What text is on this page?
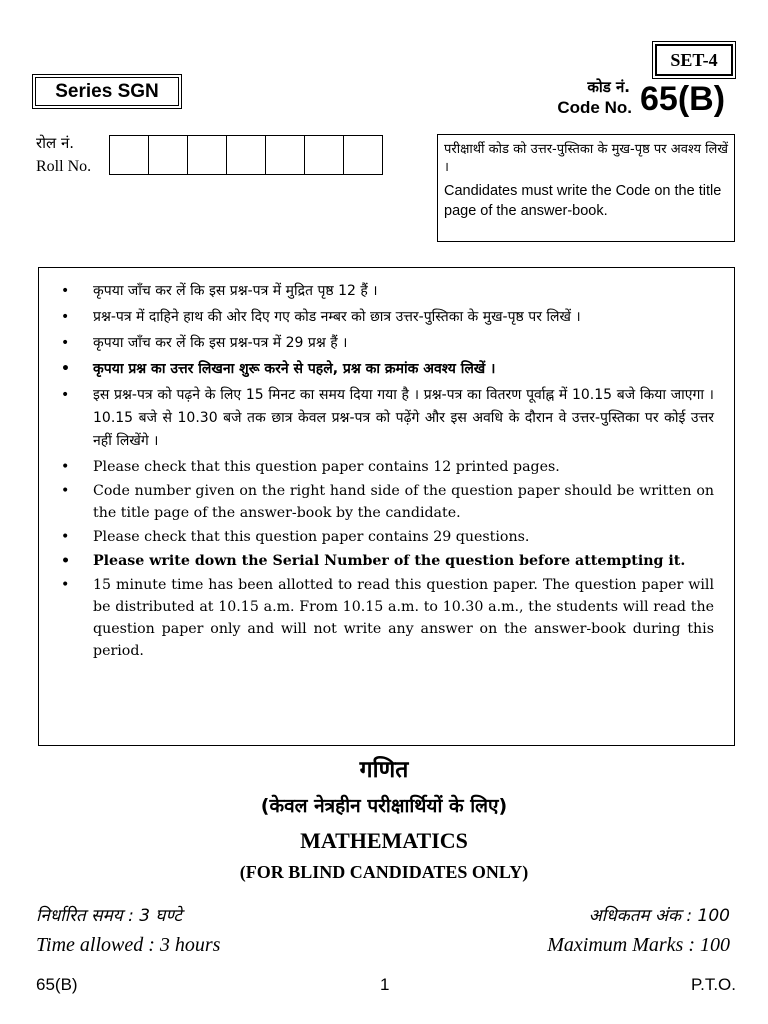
SET-4
Series SGN	कोड नं.
Code No. 65(B)
रोल नं.
Roll No.
परीक्षार्थी कोड को उत्तर-पुस्तिका के मुख-पृष्ठ पर अवश्य लिखें ।
Candidates must write the Code on the title page of the answer-book.
• कृपया जाँच कर लें कि इस प्रश्न-पत्र में मुद्रित पृष्ठ 12 हैं ।
• प्रश्न-पत्र में दाहिने हाथ की ओर दिए गए कोड नम्बर को छात्र उत्तर-पुस्तिका के मुख-पृष्ठ पर लिखें ।
• कृपया जाँच कर लें कि इस प्रश्न-पत्र में 29 प्रश्न हैं ।
• कृपया प्रश्न का उत्तर लिखना शुरू करने से पहले, प्रश्न का क्रमांक अवश्य लिखें ।
• इस प्रश्न-पत्र को पढ़ने के लिए 15 मिनट का समय दिया गया है । प्रश्न-पत्र का वितरण पूर्वाह्न में 10.15 बजे किया जाएगा । 10.15 बजे से 10.30 बजे तक छात्र केवल प्रश्न-पत्र को पढ़ेंगे और इस अवधि के दौरान वे उत्तर-पुस्तिका पर कोई उत्तर नहीं लिखेंगे ।
• Please check that this question paper contains 12 printed pages.
• Code number given on the right hand side of the question paper should be written on the title page of the answer-book by the candidate.
• Please check that this question paper contains 29 questions.
• Please write down the Serial Number of the question before attempting it.
• 15 minute time has been allotted to read this question paper. The question paper will be distributed at 10.15 a.m. From 10.15 a.m. to 10.30 a.m., the students will read the question paper only and will not write any answer on the answer-book during this period.
गणित
(केवल नेत्रहीन परीक्षार्थियों के लिए)
MATHEMATICS
(FOR BLIND CANDIDATES ONLY)
निर्धारित समय : 3 घण्टे
Time allowed : 3 hours
अधिकतम अंक : 100
Maximum Marks : 100
65(B)	1	P.T.O.
